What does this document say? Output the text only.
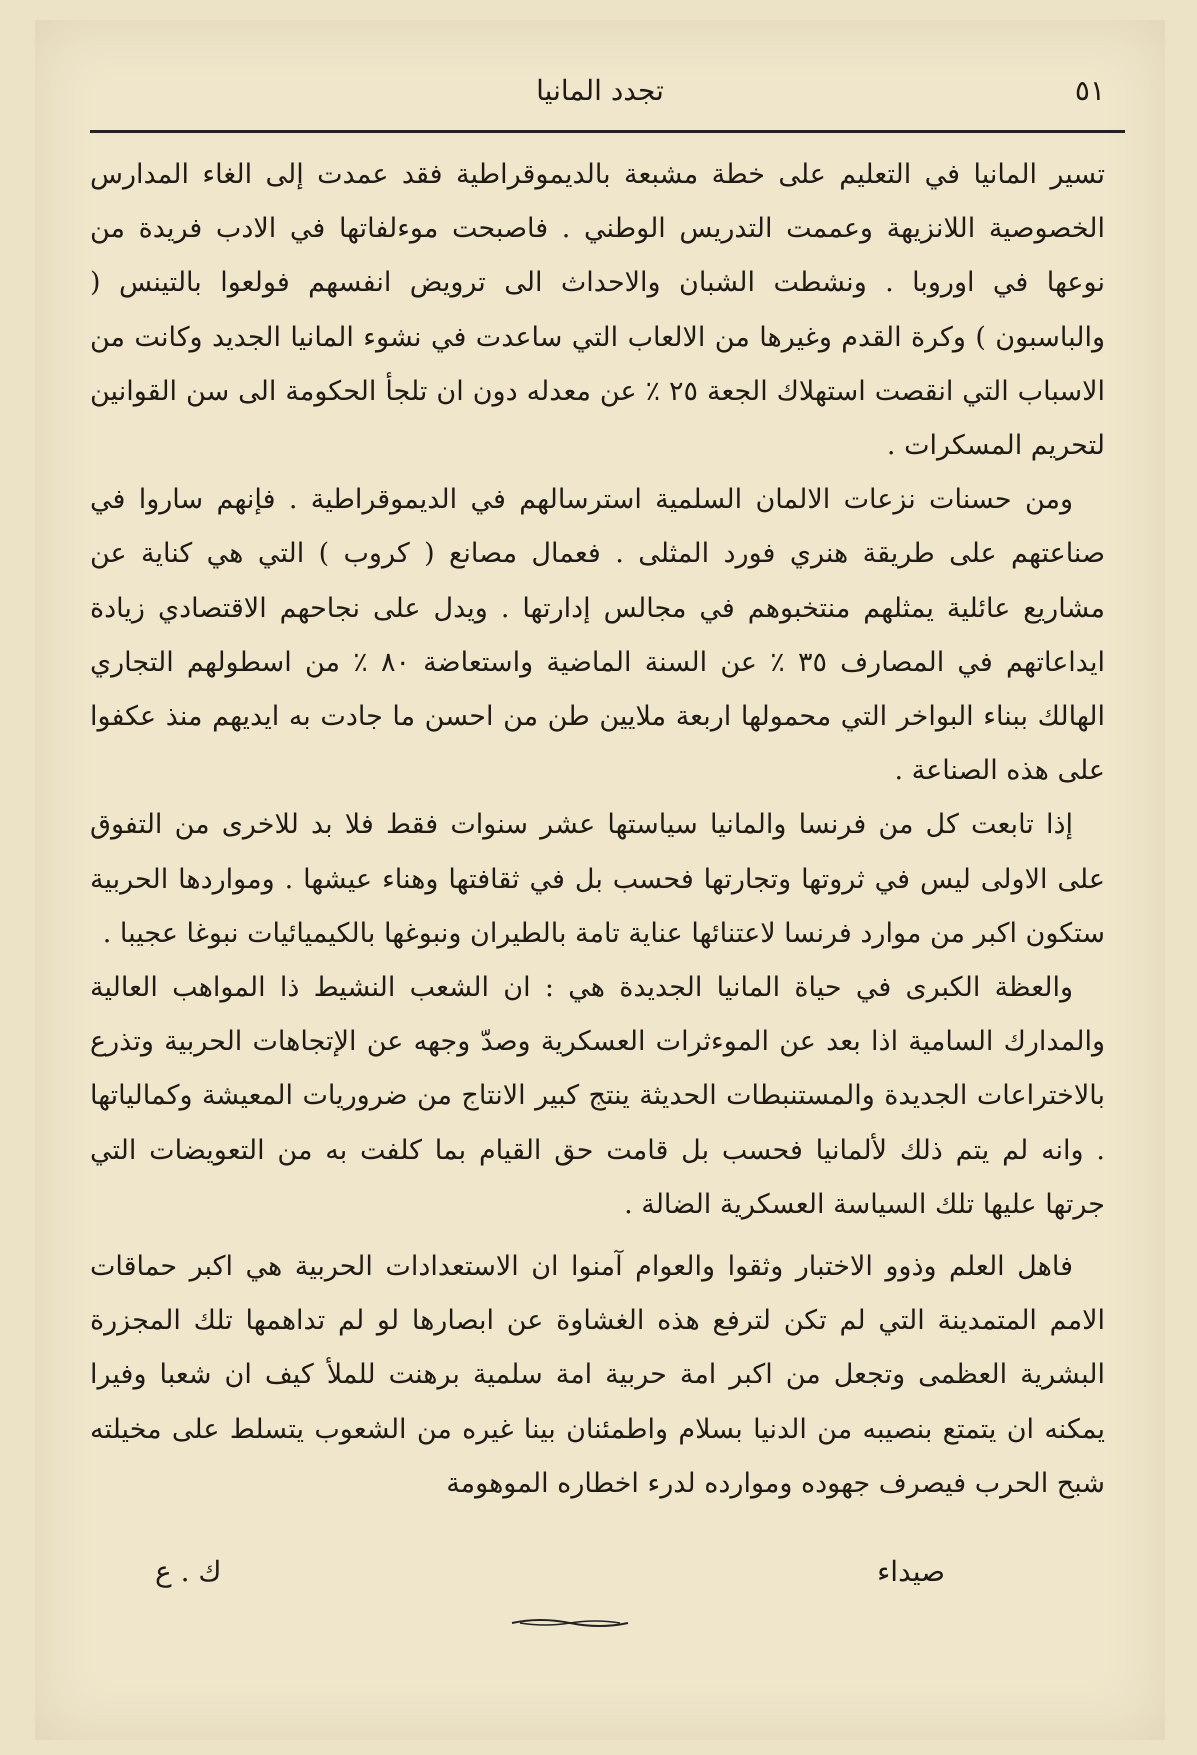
٥١
تجدد المانيا

تسير المانيا في التعليم على خطة مشبعة بالديموقراطية فقد عمدت إلى الغاء المدارس الخصوصية اللانزيهة وعممت التدريس الوطني . فاصبحت موءلفاتها في الادب فريدة من نوعها في اوروبا . ونشطت الشبان والاحداث الى ترويض انفسهم فولعوا بالتينس ( والباسبون ) وكرة القدم وغيرها من الالعاب التي ساعدت في نشوء المانيا الجديد وكانت من الاسباب التي انقصت استهلاك الجعة ٢٥ ٪ عن معدله دون ان تلجأ الحكومة الى سن القوانين لتحريم المسكرات .

ومن حسنات نزعات الالمان السلمية استرسالهم في الديموقراطية . فإنهم ساروا في صناعتهم على طريقة هنري فورد المثلى . فعمال مصانع ( كروب ) التي هي كناية عن مشاريع عائلية يمثلهم منتخبوهم في مجالس إدارتها . ويدل على نجاحهم الاقتصادي زيادة ايداعاتهم في المصارف ٣٥ ٪ عن السنة الماضية واستعاضة ٨٠ ٪ من اسطولهم التجاري الهالك ببناء البواخر التي محمولها اربعة ملايين طن من احسن ما جادت به ايديهم منذ عكفوا على هذه الصناعة .

إذا تابعت كل من فرنسا والمانيا سياستها عشر سنوات فقط فلا بد للاخرى من التفوق على الاولى ليس في ثروتها وتجارتها فحسب بل في ثقافتها وهناء عيشها . ومواردها الحربية ستكون اكبر من موارد فرنسا لاعتنائها عناية تامة بالطيران ونبوغها بالكيميائيات نبوغا عجيبا .

والعظة الكبرى في حياة المانيا الجديدة هي : ان الشعب النشيط ذا المواهب العالية والمدارك السامية اذا بعد عن الموءثرات العسكرية وصدّ وجهه عن الإتجاهات الحربية وتذرع بالاختراعات الجديدة والمستنبطات الحديثة ينتج كبير الانتاج من ضروريات المعيشة وكمالياتها . وانه لم يتم ذلك لألمانيا فحسب بل قامت حق القيام بما كلفت به من التعويضات التي جرتها عليها تلك السياسة العسكرية الضالة .

فاهل العلم وذوو الاختبار وثقوا والعوام آمنوا ان الاستعدادات الحربية هي اكبر حماقات الامم المتمدينة التي لم تكن لترفع هذه الغشاوة عن ابصارها لو لم تداهمها تلك المجزرة البشرية العظمى وتجعل من اكبر امة حربية امة سلمية برهنت للملأ كيف ان شعبا وفيرا يمكنه ان يتمتع بنصيبه من الدنيا بسلام واطمئنان بينا غيره من الشعوب يتسلط على مخيلته شبح الحرب فيصرف جهوده وموارده لدرء اخطاره الموهومة

صيداء
ك . ع
